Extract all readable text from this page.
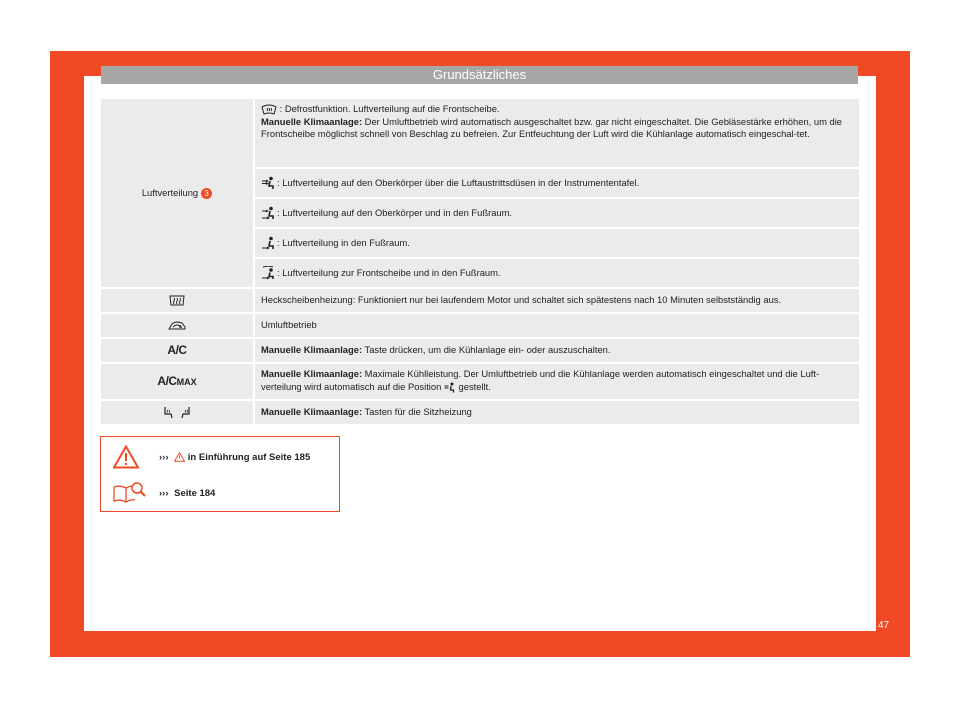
Grundsätzliches
Luftverteilung 3
: Defrostfunktion. Luftverteilung auf die Frontscheibe.
Manuelle Klimaanlage: Der Umluftbetrieb wird automatisch ausgeschaltet bzw. gar nicht eingeschaltet. Die Gebläsestärke erhöhen, um die Frontscheibe möglichst schnell von Beschlag zu befreien. Zur Entfeuchtung der Luft wird die Kühlanlage automatisch eingeschal-tet.
: Luftverteilung auf den Oberkörper über die Luftaustrittsdüsen in der Instrumententafel.
: Luftverteilung auf den Oberkörper und in den Fußraum.
: Luftverteilung in den Fußraum.
: Luftverteilung zur Frontscheibe und in den Fußraum.
Heckscheibenheizung: Funktioniert nur bei laufendem Motor und schaltet sich spätestens nach 10 Minuten selbstständig aus.
Umluftbetrieb
A/C	Manuelle Klimaanlage: Taste drücken, um die Kühlanlage ein- oder auszuschalten.
A/CMAX
Manuelle Klimaanlage: Maximale Kühlleistung. Der Umluftbetrieb und die Kühlanlage werden automatisch eingeschaltet und die Luft-verteilung wird automatisch auf die Position  gestellt.
Manuelle Klimaanlage: Tasten für die Sitzheizung
›››  in Einführung auf Seite 185
››› Seite 184
47
